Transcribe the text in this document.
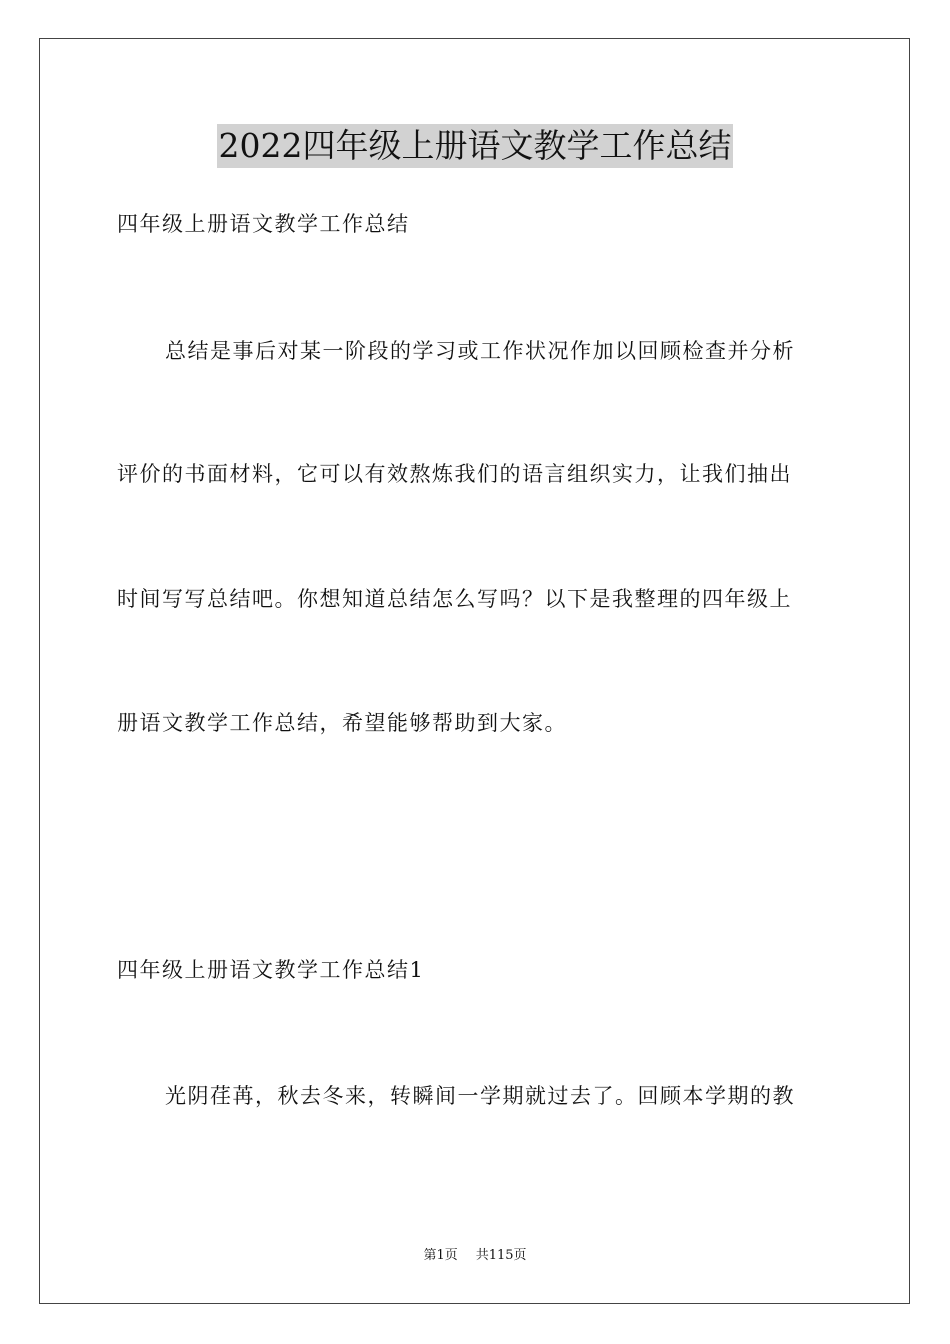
2022四年级上册语文教学工作总结
四年级上册语文教学工作总结
总结是事后对某一阶段的学习或工作状况作加以回顾检查并分析
评价的书面材料，它可以有效熬炼我们的语言组织实力，让我们抽出
时间写写总结吧。你想知道总结怎么写吗？以下是我整理的四年级上
册语文教学工作总结，希望能够帮助到大家。
四年级上册语文教学工作总结1
光阴荏苒，秋去冬来，转瞬间一学期就过去了。回顾本学期的教
第1页 共115页
